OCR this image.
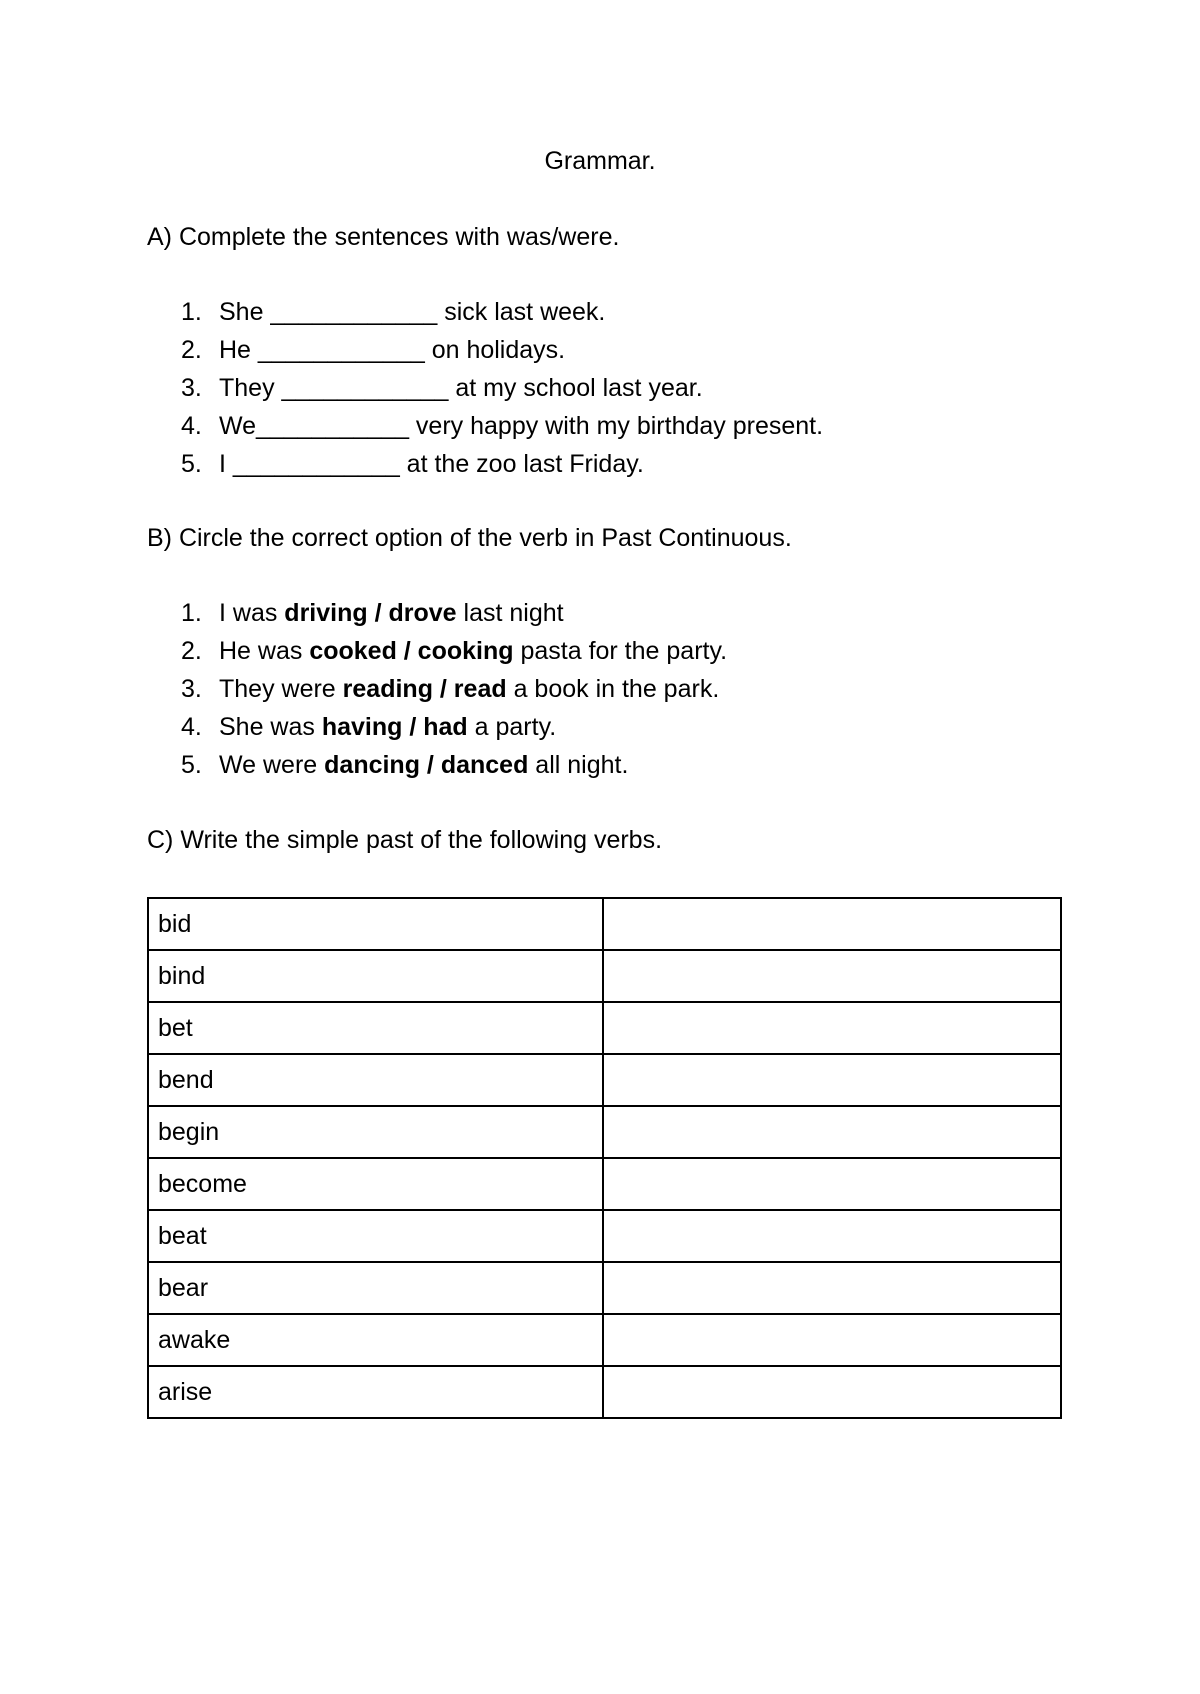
Grammar.
A) Complete the sentences with was/were.
1. She ____________ sick last week.
2. He ____________ on holidays.
3. They ____________ at my school last year.
4. We___________ very happy with my birthday present.
5. I ____________ at the zoo last Friday.
B) Circle the correct option of the verb in Past Continuous.
1. I was driving / drove last night
2. He was cooked / cooking pasta for the party.
3. They were reading / read a book in the park.
4. She was having / had a party.
5. We were dancing / danced all night.
C) Write the simple past of the following verbs.
bid	
bind	
bet	
bend	
begin	
become	
beat	
bear	
awake	
arise	
